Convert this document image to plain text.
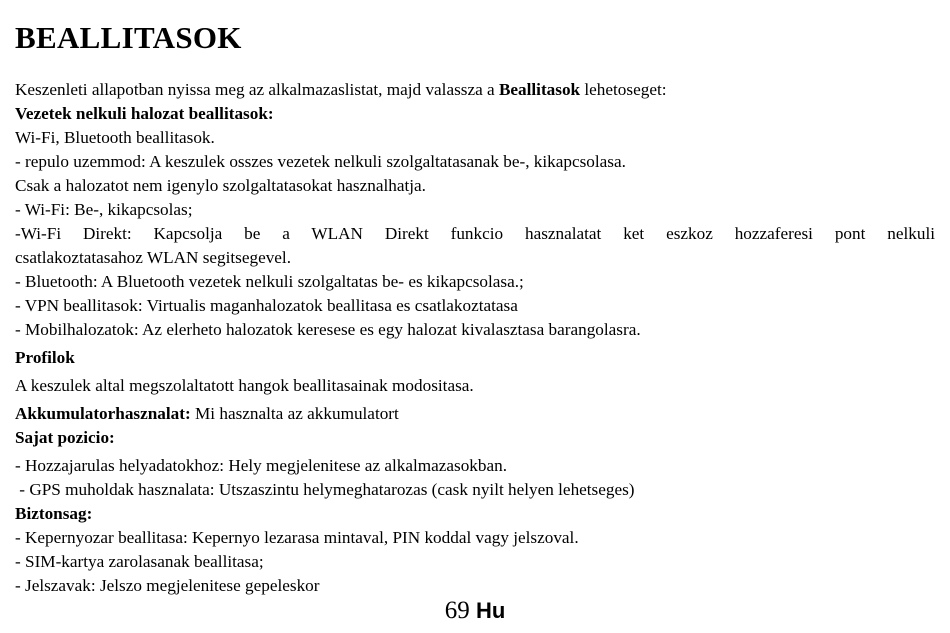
BEALLITASOK
Keszenleti allapotban nyissa meg az alkalmazaslistat, majd valassza a Beallitasok lehetoseget:
Vezetek nelkuli halozat beallitasok:
Wi-Fi, Bluetooth beallitasok.
- repulo uzemmod: A keszulek osszes vezetek nelkuli szolgaltatasanak be-, kikapcsolasa.
Csak a halozatot nem igenylo szolgaltatasokat hasznalhatja.
- Wi-Fi: Be-, kikapcsolas;
-Wi-Fi Direkt: Kapcsolja be a WLAN Direkt funkcio hasznalatat ket eszkoz hozzaferesi pont nelkuli
csatlakoztatasahoz WLAN segitsegevel.
- Bluetooth: A Bluetooth vezetek nelkuli szolgaltatas be- es kikapcsolasa.;
- VPN beallitasok: Virtualis maganhalozatok beallitasa es csatlakoztatasa
- Mobilhalozatok: Az elerheto halozatok keresese es egy halozat kivalasztasa barangolasra.
Profilok
A keszulek altal megszolaltatott hangok beallitasainak modositasa.
Akkumulatorhasznalat: Mi hasznalta az akkumulatort
Sajat pozicio:
- Hozzajarulas helyadatokhoz: Hely megjelenitese az alkalmazasokban.
- GPS muholdak hasznalata: Utszaszintu helymeghatarozas (cask nyilt helyen lehetseges)
Biztonsag:
- Kepernyozar beallitasa: Kepernyo lezarasa mintaval, PIN koddal vagy jelszoval.
- SIM-kartya zarolasanak beallitasa;
- Jelszavak: Jelszo megjelenitese gepeleskor
69 Hu
